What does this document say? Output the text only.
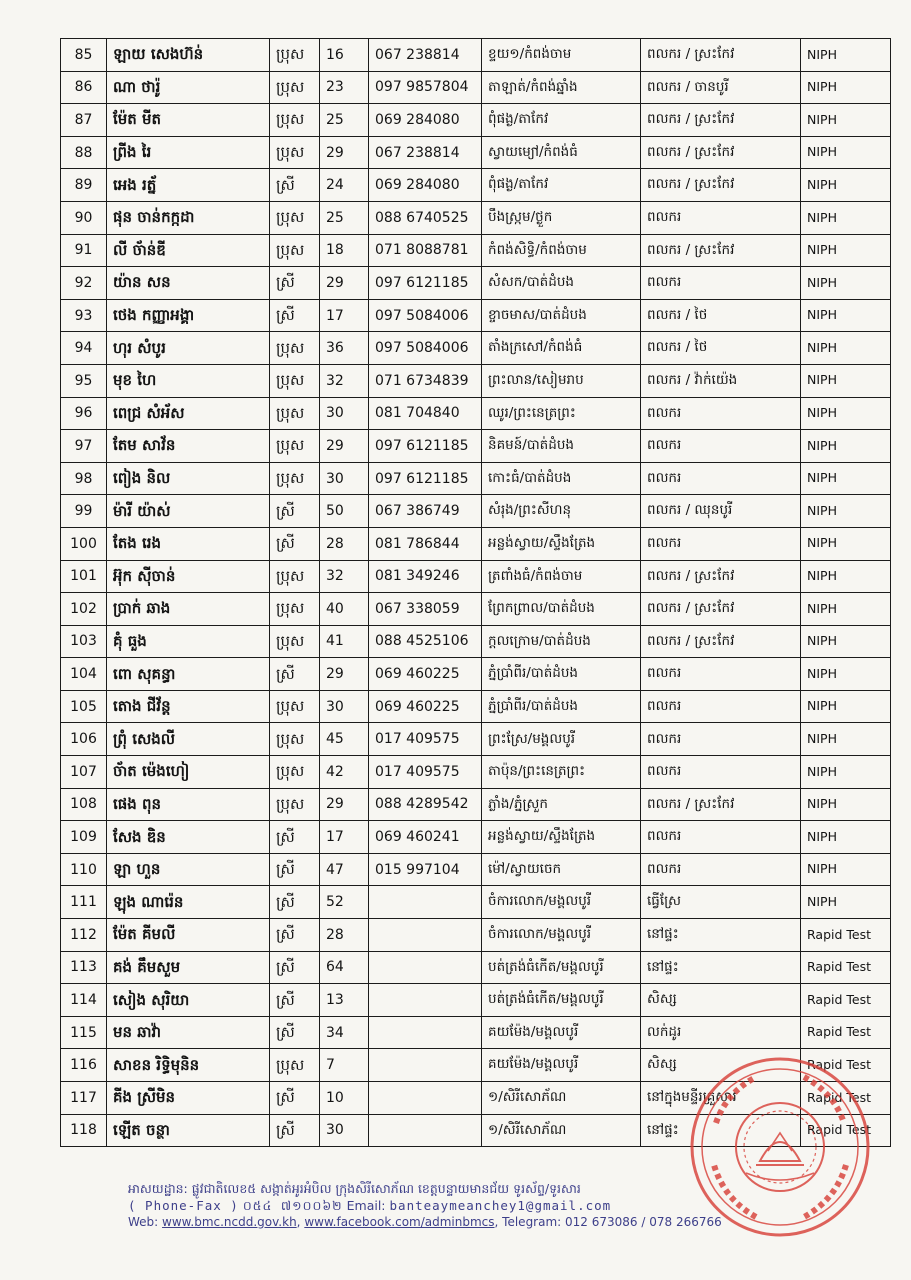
85	ឡាយ សេងហ៊ន់	ប្រុស	16	067 238814	ខ្ទយ១/កំពង់ចាម	ពលករ / ស្រះកែវ	NIPH
86	ណា ថារ៉ូ	ប្រុស	23	097 9857804	តាឡាត់/កំពង់ឆ្នាំង	ពលករ / ចានបូរី	NIPH
87	ម៉ែត មីត	ប្រុស	25	069 284080	ពុំផង្ង/តាកែវ	ពលករ / ស្រះកែវ	NIPH
88	ព្រីង រៃ	ប្រុស	29	067 238814	ស្វាយម្យៅ/កំពង់ធំ	ពលករ / ស្រះកែវ	NIPH
89	អេង រត្ន័	ស្រី	24	069 284080	ពុំផង្ង/តាកែវ	ពលករ / ស្រះកែវ	NIPH
90	ផុន ចាន់កក្កដា	ប្រុស	25	088 6740525	បឹងស្ក្រម/ថ្ងួក	ពលករ	NIPH
91	លី ច័ាន់ឌី	ប្រុស	18	071 8088781	កំពង់សិទ្ធិ/កំពង់ចាម	ពលករ / ស្រះកែវ	NIPH
92	យ៉ាន សន	ស្រី	29	097 6121185	សំសក/បាត់ដំបង	ពលករ	NIPH
93	ថេង កញ្ញាអង្គា	ស្រី	17	097 5084006	ខ្ចាចមាស/បាត់ដំបង	ពលករ / ថៃ	NIPH
94	ហុរ សំបូរ	ប្រុស	36	097 5084006	តាំងក្រសៅ/កំពង់ធំ	ពលករ / ថៃ	NIPH
95	មុខ ហៃ	ប្រុស	32	071 6734839	ព្រះលាន/សៀមរាប	ពលករ / វ៉ាក់យ៉េង	NIPH
96	ពេជ្រ សំអ័ស	ប្រុស	30	081 704840	ឈូរ/ព្រះនេត្រព្រះ	ពលករ	NIPH
97	តែម សាវ័ន	ប្រុស	29	097 6121185	និគមន៍/បាត់ដំបង	ពលករ	NIPH
98	ពៀង និល	ប្រុស	30	097 6121185	កោះធំ/បាត់ដំបង	ពលករ	NIPH
99	ម៉ារី យ៉ាស់	ស្រី	50	067 386749	សំរុង/ព្រះសីហនុ	ពលករ / ឈុនបូរី	NIPH
100	តែង រេង	ស្រី	28	081 786844	អន្លង់ស្វាយ/ស្ទឹងត្រែង	ពលករ	NIPH
101	អ៊ុក ស៊ីចាន់	ប្រុស	32	081 349246	ត្រពាំងធំ/កំពង់ចាម	ពលករ / ស្រះកែវ	NIPH
102	ប្រាក់ ឆាង	ប្រុស	40	067 338059	ព្រែកព្រាល/បាត់ដំបង	ពលករ / ស្រះកែវ	NIPH
103	គុំ ធួង	ប្រុស	41	088 4525106	ក្តលក្រោម/បាត់ដំបង	ពលករ / ស្រះកែវ	NIPH
104	ពោ សុគន្ធា	ស្រី	29	069 460225	ភ្នំប្រាំពីរ/បាត់ដំបង	ពលករ	NIPH
105	តោង ជីវ័ន្ត	ប្រុស	30	069 460225	ភ្នំប្រាំពីរ/បាត់ដំបង	ពលករ	NIPH
106	ព្រុំ សេងលី	ប្រុស	45	017 409575	ព្រះស្រែ/មង្គលបូរី	ពលករ	NIPH
107	ច័ាត ម៉េងហៀ	ប្រុស	42	017 409575	តាប៉ុន/ព្រះនេត្រព្រះ	ពលករ	NIPH
108	ផេង ពុន	ប្រុស	29	088 4289542	ភ្លាំង/ភ្នំស្រួក	ពលករ / ស្រះកែវ	NIPH
109	សែង ឌិន	ស្រី	17	069 460241	អន្លង់ស្វាយ/ស្ទឹងត្រែង	ពលករ	NIPH
110	ឡា ហួន	ស្រី	47	015 997104	ម៉ៅ/ស្វាយចេក	ពលករ	NIPH
111	ឡុង ណារ៉េន	ស្រី	52		ចំការលោក/មង្គលបូរី	ធ្វើស្រែ	NIPH
112	ម៉ែត គីមលី	ស្រី	28		ចំការលោក/មង្គលបូរី	នៅផ្ទះ	Rapid Test
113	គង់ គឹមសួម	ស្រី	64		បត់ត្រង់ធំកើត/មង្គលបូរី	នៅផ្ទះ	Rapid Test
114	សៀង សុរិយា	ស្រី	13		បត់ត្រង់ធំកើត/មង្គលបូរី	សិស្ស	Rapid Test
115	មន ឆាវ៉ា	ស្រី	34		គយម៉ែង/មង្គលបូរី	លក់ដូរ	Rapid Test
116	សាខន រិទ្ធិមុនិន	ប្រុស	7		គយម៉ែង/មង្គលបូរី	សិស្ស	Rapid Test
117	គីង ស្រីមិន	ស្រី	10		១/សិរីសោភ័ណ	នៅក្នុងមន្ទីរគ្រួសារ	Rapid Test
118	ឡើត ចន្ថា	ស្រី	30		១/សិរីសោភ័ណ	នៅផ្ទះ	Rapid Test
អាសយដ្ឋាន: ផ្លូវជាតិលេខ៥ សង្កាត់អូរអំបិល ក្រុងសិរីសោភ័ណ ខេត្តបន្ទាយមានជ័យ ទូរស័ព្ទ/ទូរសារ
( Phone-Fax ) ០៥៤ ៧១០០៦២ Email: banteaymeanchey1@gmail.com
Web: www.bmc.ncdd.gov.kh, www.facebook.com/adminbmcs, Telegram: 012 673086 / 078 266766
